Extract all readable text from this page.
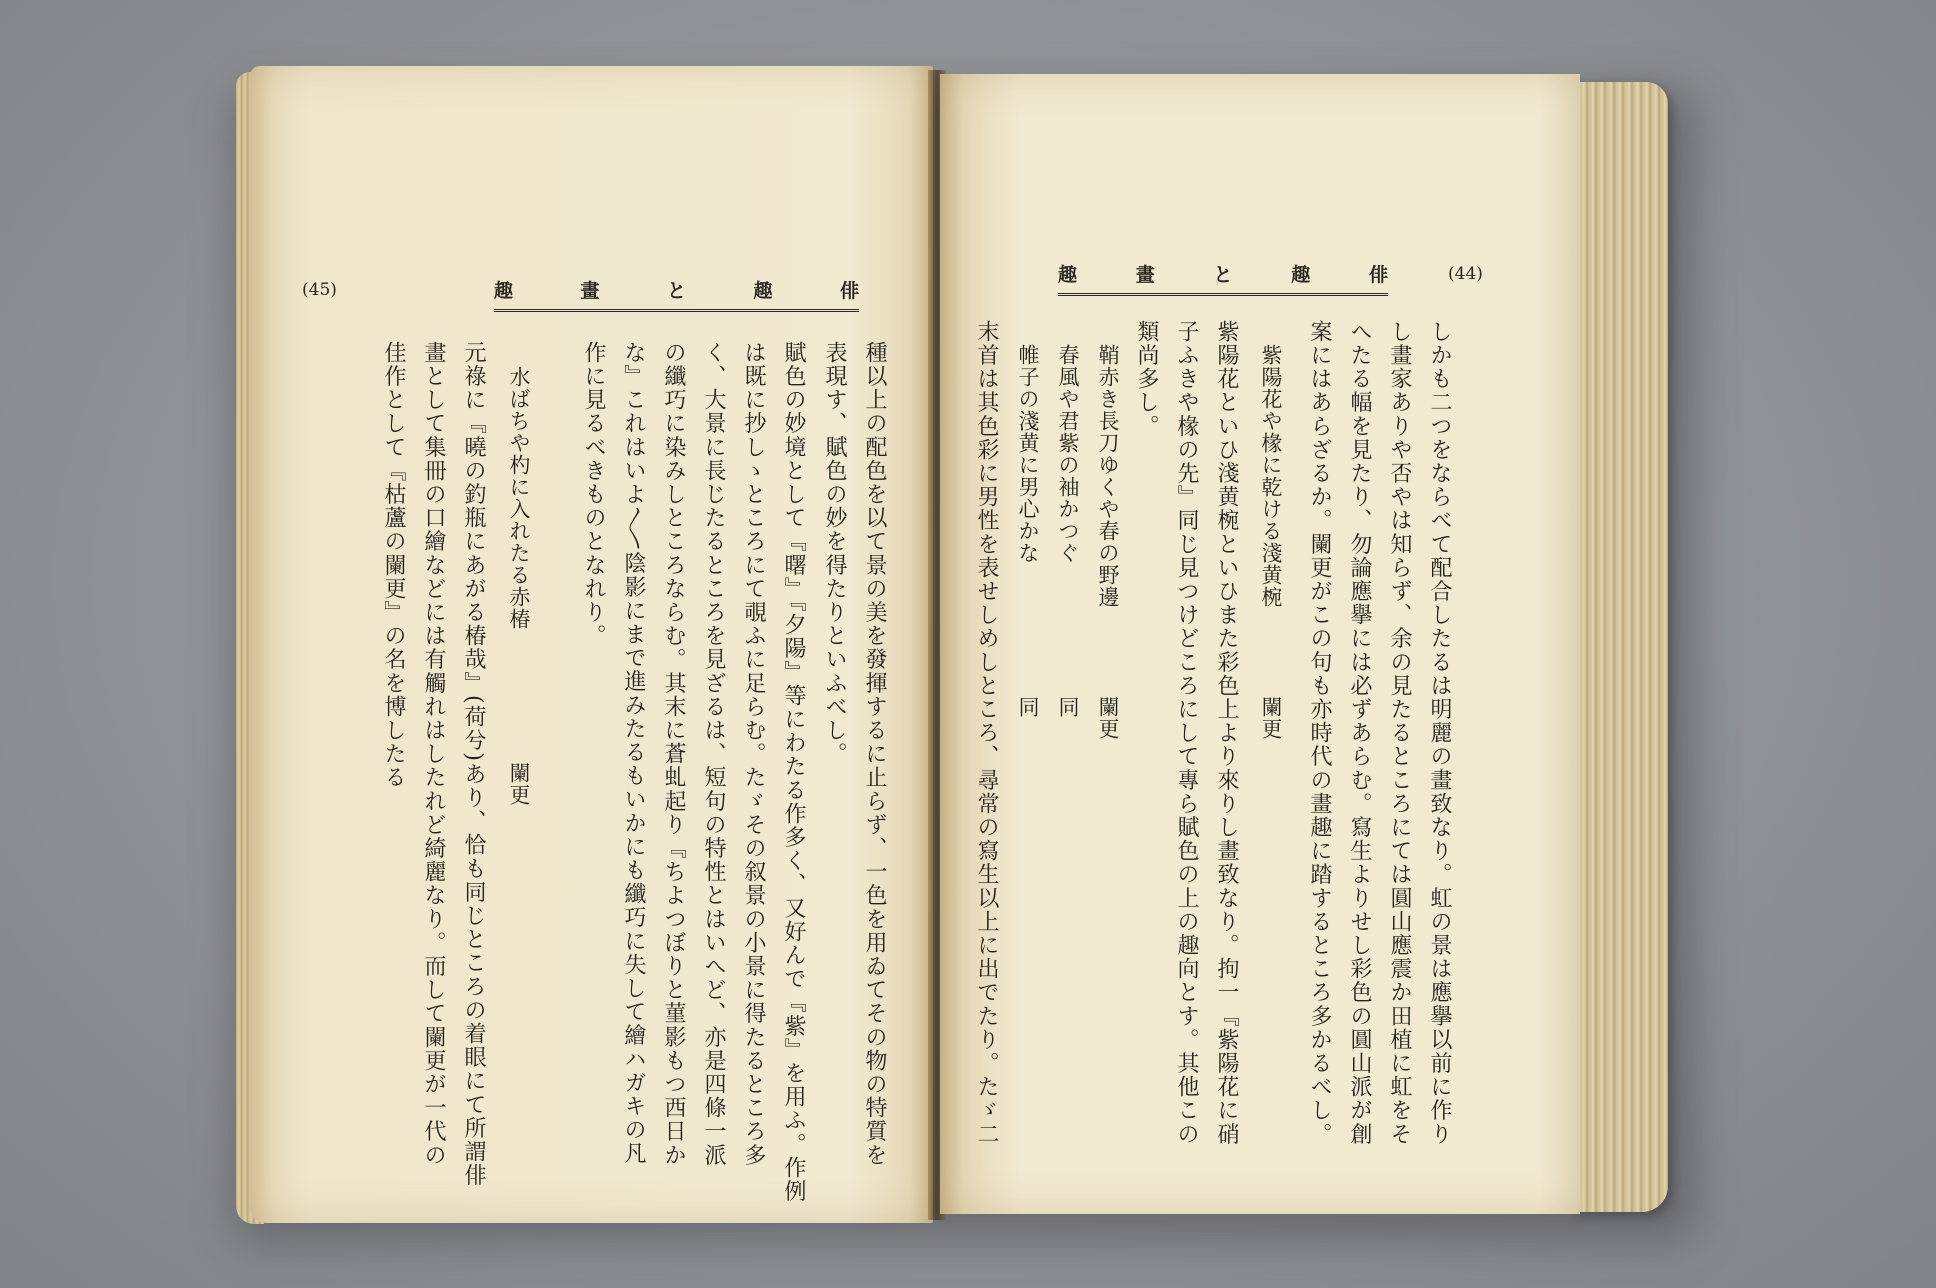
(45)	趣	畫	と	趣	俳
種以上の配色を以て景の美を發揮するに止らず、一色を用ゐてその物の特質を
表現す、賦色の妙を得たりといふべし。
賦色の妙境として『曙』『夕陽』等にわたる作多く、又好んで『紫』を用ふ。作例
は既に抄しゝところにて覗ふに足らむ。たゞその叙景の小景に得たるところ多
く、大景に長じたるところを見ざるは、短句の特性とはいへど、亦是四條一派
の纖巧に染みしところならむ。其末に蒼虬起り『ちよつぼりと菫影もつ西日か
な』これはいよ〳〵陰影にまで進みたるもいかにも纖巧に失して繪ハガキの凡
作に見るべきものとなれり。
水ばちや杓に入れたる赤椿　　　　　　闌更
元祿に『曉の釣瓶にあがる椿哉』(荷兮)あり、恰も同じところの着眼にて所謂俳
畫として集冊の口繪などには有觸れはしたれど綺麗なり。而して闌更が一代の
佳作として『枯蘆の闌更』の名を博したる
趣	畫	と	趣	俳	(44)
しかも二つをならべて配合したるは明麗の畫致なり。虹の景は應擧以前に作り
し畫家ありや否やは知らず、余の見たるところにては圓山應震か田植に虹をそ
へたる幅を見たり、勿論應擧には必ずあらむ。寫生よりせし彩色の圓山派が創
案にはあらざるか。闌更がこの句も亦時代の畫趣に踏するところ多かるべし。
紫陽花や椽に乾ける淺黄椀　　　　闌更
紫陽花といひ淺黄椀といひまた彩色上より來りし畫致なり。拘一『紫陽花に硝
子ふきや椽の先』同じ見つけどころにして專ら賦色の上の趣向とす。其他この
類尚多し。
鞘赤き長刀ゆくや春の野邊　　　　闌更
春風や君紫の袖かつぐ　　　　　　同
帷子の淺黄に男心かな　　　　　　同
末首は其色彩に男性を表せしめしところ、尋常の寫生以上に出でたり。たゞ二
